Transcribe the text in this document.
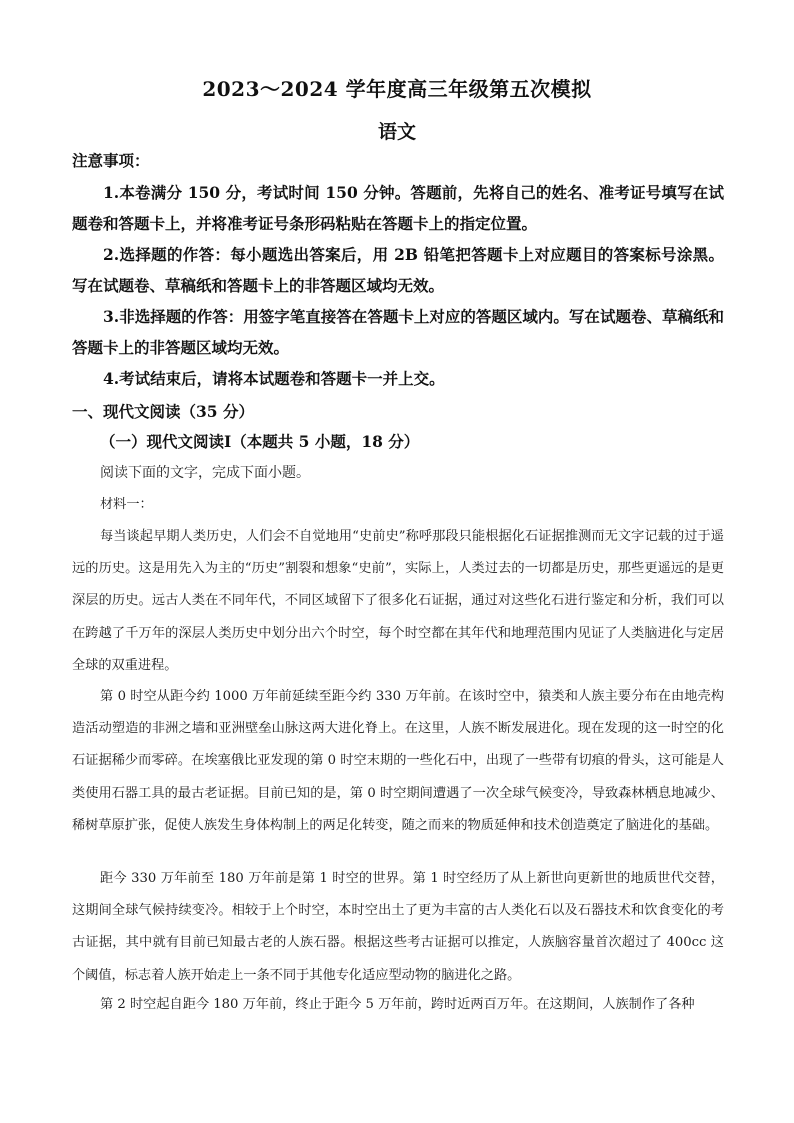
2023～2024 学年度高三年级第五次模拟
语文
注意事项：

1.本卷满分 150 分，考试时间 150 分钟。答题前，先将自己的姓名、准考证号填写在试题卷和答题卡上，并将准考证号条形码粘贴在答题卡上的指定位置。

2.选择题的作答：每小题选出答案后，用 2B 铅笔把答题卡上对应题目的答案标号涂黑。写在试题卷、草稿纸和答题卡上的非答题区域均无效。

3.非选择题的作答：用签字笔直接答在答题卡上对应的答题区域内。写在试题卷、草稿纸和答题卡上的非答题区域均无效。

4.考试结束后，请将本试题卷和答题卡一并上交。

一、现代文阅读（35 分）
（一）现代文阅读Ⅰ（本题共 5 小题，18 分）

阅读下面的文字，完成下面小题。

材料一：

每当谈起早期人类历史，人们会不自觉地用“史前史”称呼那段只能根据化石证据推测而无文字记载的过于遥远的历史。这是用先入为主的“历史”割裂和想象“史前”，实际上，人类过去的一切都是历史，那些更遥远的是更深层的历史。远古人类在不同年代，不同区域留下了很多化石证据，通过对这些化石进行鉴定和分析，我们可以在跨越了千万年的深层人类历史中划分出六个时空，每个时空都在其年代和地理范围内见证了人类脑进化与定居全球的双重进程。

第 0 时空从距今约 1000 万年前延续至距今约 330 万年前。在该时空中，猿类和人族主要分布在由地壳构造活动塑造的非洲之墙和亚洲壁垒山脉这两大进化脊上。在这里，人族不断发展进化。现在发现的这一时空的化石证据稀少而零碎。在埃塞俄比亚发现的第 0 时空末期的一些化石中，出现了一些带有切痕的骨头，这可能是人类使用石器工具的最古老证据。目前已知的是，第 0 时空期间遭遇了一次全球气候变冷，导致森林栖息地减少、稀树草原扩张，促使人族发生身体构制上的两足化转变，随之而来的物质延伸和技术创造奠定了脑进化的基础。

距今 330 万年前至 180 万年前是第 1 时空的世界。第 1 时空经历了从上新世向更新世的地质世代交替，这期间全球气候持续变冷。相较于上个时空，本时空出土了更为丰富的古人类化石以及石器技术和饮食变化的考古证据，其中就有目前已知最古老的人族石器。根据这些考古证据可以推定，人族脑容量首次超过了 400cc 这个阈值，标志着人族开始走上一条不同于其他专化适应型动物的脑进化之路。

第 2 时空起自距今 180 万年前，终止于距今 5 万年前，跨时近两百万年。在这期间，人族制作了各种
